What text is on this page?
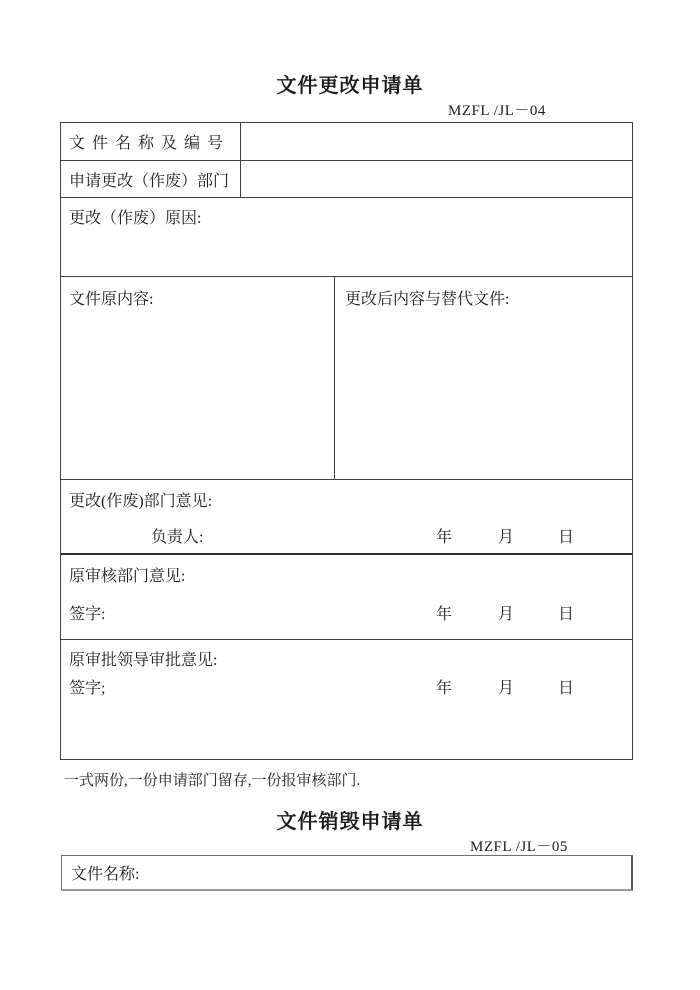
文件更改申请单
MZFL /JL－04
文件名称及编号
申请更改（作废）部门
更改（作废）原因:
文件原内容:	更改后内容与替代文件:
更改(作废)部门意见:
负责人:	年	月	日
原审核部门意见:
签字:	年	月	日
原审批领导审批意见:
签字;	年	月	日
一式两份,一份申请部门留存,一份报审核部门.
文件销毁申请单
MZFL /JL－05
文件名称:
